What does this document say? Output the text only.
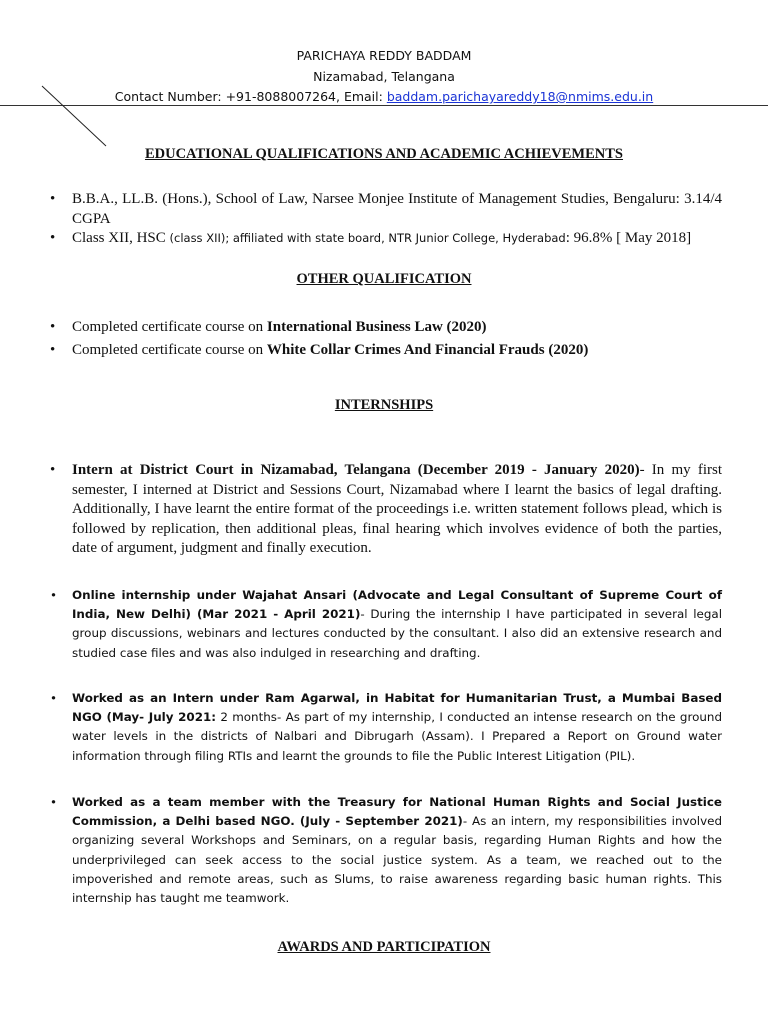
PARICHAYA REDDY BADDAM
Nizamabad, Telangana
Contact Number: +91-8088007264, Email: baddam.parichayareddy18@nmims.edu.in
EDUCATIONAL QUALIFICATIONS AND ACADEMIC ACHIEVEMENTS
• B.B.A., LL.B. (Hons.), School of Law, Narsee Monjee Institute of Management Studies, Bengaluru: 3.14/4 CGPA
• Class XII, HSC (class XII); affiliated with state board, NTR Junior College, Hyderabad: 96.8% [ May 2018]
OTHER QUALIFICATION
• Completed certificate course on International Business Law (2020)
• Completed certificate course on White Collar Crimes And Financial Frauds (2020)
INTERNSHIPS
• Intern at District Court in Nizamabad, Telangana (December 2019 - January 2020)- In my first semester, I interned at District and Sessions Court, Nizamabad where I learnt the basics of legal drafting. Additionally, I have learnt the entire format of the proceedings i.e. written statement follows plead, which is followed by replication, then additional pleas, final hearing which involves evidence of both the parties, date of argument, judgment and finally execution.
• Online internship under Wajahat Ansari (Advocate and Legal Consultant of Supreme Court of India, New Delhi) (Mar 2021 - April 2021)- During the internship I have participated in several legal group discussions, webinars and lectures conducted by the consultant. I also did an extensive research and studied case files and was also indulged in researching and drafting.
• Worked as an Intern under Ram Agarwal, in Habitat for Humanitarian Trust, a Mumbai Based NGO (May- July 2021: 2 months- As part of my internship, I conducted an intense research on the ground water levels in the districts of Nalbari and Dibrugarh (Assam). I Prepared a Report on Ground water information through filing RTIs and learnt the grounds to file the Public Interest Litigation (PIL).
• Worked as a team member with the Treasury for National Human Rights and Social Justice Commission, a Delhi based NGO. (July - September 2021)- As an intern, my responsibilities involved organizing several Workshops and Seminars, on a regular basis, regarding Human Rights and how the underprivileged can seek access to the social justice system. As a team, we reached out to the impoverished and remote areas, such as Slums, to raise awareness regarding basic human rights. This internship has taught me teamwork.
AWARDS AND PARTICIPATION
